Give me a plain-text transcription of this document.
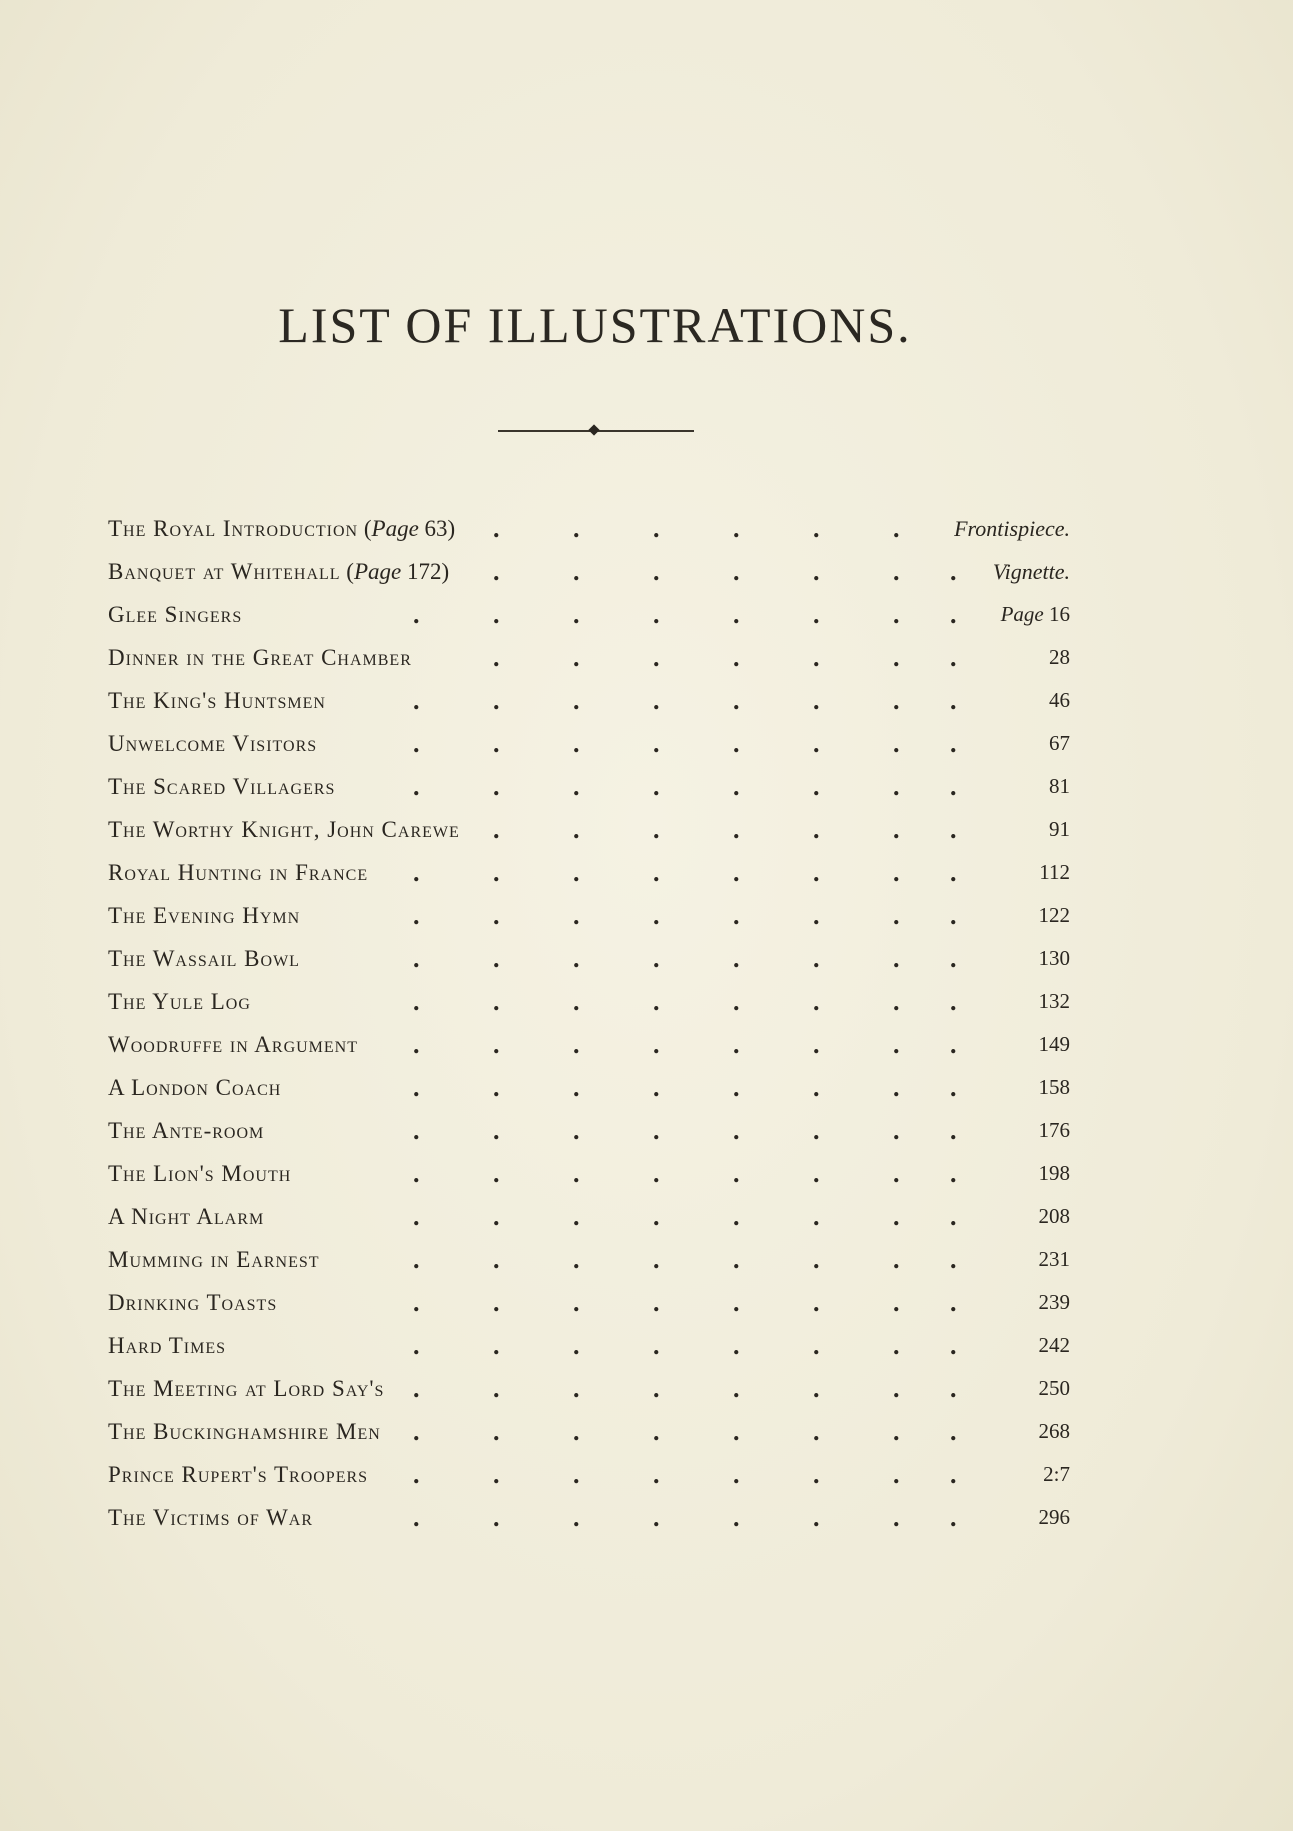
LIST OF ILLUSTRATIONS.
The Royal Introduction (Page 63) .	.	.	.	.	. Frontispiece.
Banquet at Whitehall (Page 172) .	.	.	.	.	. . Vignette.
Glee Singers	.	.	.	.	.	.	. . Page 16
Dinner in the Great Chamber	.	.	.	.	.	. .	28
The King's Huntsmen	.	.	.	.	.	.	. .	46
Unwelcome Visitors	.	.	.	.	.	.	. .	67
The Scared Villagers	.	.	.	.	.	.	. .	81
The Worthy Knight, John Carewe .	.	.	.	.	. .	91
Royal Hunting in France .	.	.	.	.	.	. .	112
The Evening Hymn	.	.	.	.	.	.	. .	122
The Wassail Bowl	.	.	.	.	.	.	. .	130
The Yule Log	.	.	.	.	.	.	. .	132
Woodruffe in Argument .	.	.	.	.	.	. .	149
A London Coach	.	.	.	.	.	.	. .	158
The Ante-room	.	.	.	.	.	.	. .	176
The Lion's Mouth	.	.	.	.	.	.	. .	198
A Night Alarm	.	.	.	.	.	.	. .	208
Mumming in Earnest	.	.	.	.	.	.	. .	231
Drinking Toasts	.	.	.	.	.	.	. .	239
Hard Times	.	.	.	.	.	.	. .	242
The Meeting at Lord Say's .	.	.	.	.	.	. .	250
The Buckinghamshire Men .	.	.	.	.	.	. .	268
Prince Rupert's Troopers .	.	.	.	.	.	. .	2:7
The Victims of War	.	.	.	.	.	.	. .	296
